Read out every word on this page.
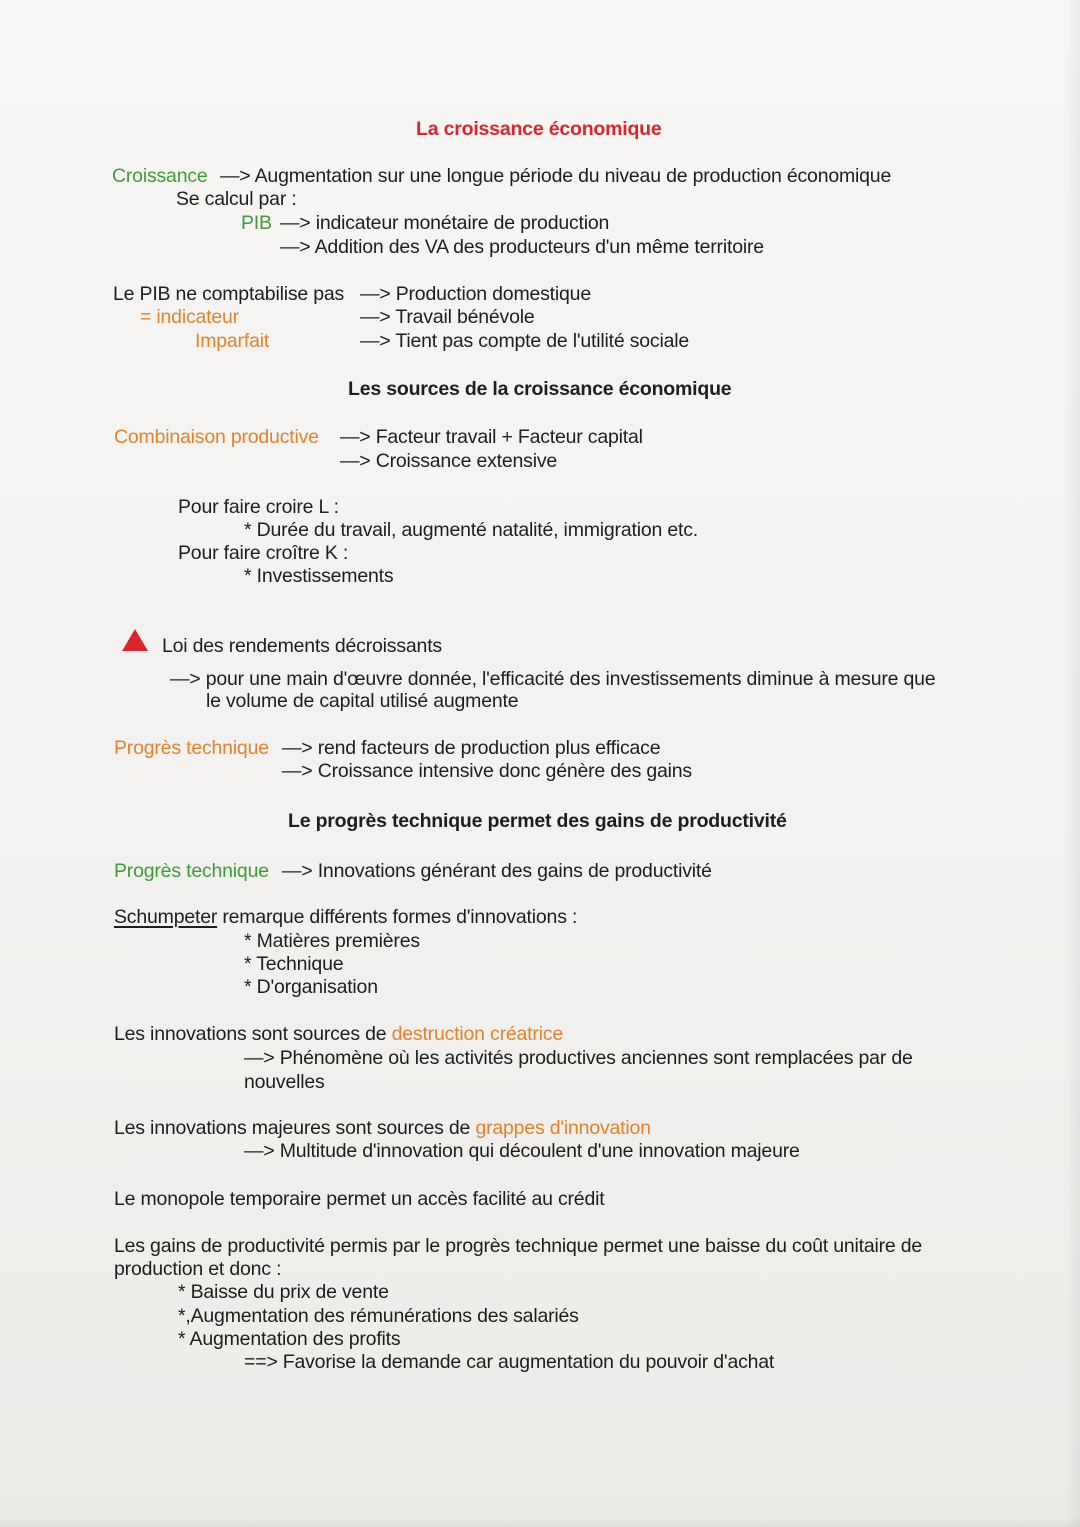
La croissance économique
Croissance —> Augmentation sur une longue période du niveau de production économique
Se calcul par :
PIB —> indicateur monétaire de production
—> Addition des VA des producteurs d'un même territoire
Le PIB ne comptabilise pas
= indicateur
Imparfait
—> Production domestique
—> Travail bénévole
—> Tient pas compte de l'utilité sociale
Les sources de la croissance économique
Combinaison productive —> Facteur travail + Facteur capital
—> Croissance extensive
Pour faire croire L :
* Durée du travail, augmenté natalité, immigration etc.
Pour faire croître K :
* Investissements
Loi des rendements décroissants
—> pour une main d'œuvre donnée, l'efficacité des investissements diminue à mesure que
le volume de capital utilisé augmente
Progrès technique —> rend facteurs de production plus efficace
—> Croissance intensive donc génère des gains
Le progrès technique permet des gains de productivité
Progrès technique —> Innovations générant des gains de productivité
Schumpeter remarque différents formes d'innovations :
* Matières premières
* Technique
* D'organisation
Les innovations sont sources de destruction créatrice
—> Phénomène où les activités productives anciennes sont remplacées par de
nouvelles
Les innovations majeures sont sources de grappes d'innovation
—> Multitude d'innovation qui découlent d'une innovation majeure
Le monopole temporaire permet un accès facilité au crédit
Les gains de productivité permis par le progrès technique permet une baisse du coût unitaire de
production et donc :
* Baisse du prix de vente
*,Augmentation des rémunérations des salariés
* Augmentation des profits
==> Favorise la demande car augmentation du pouvoir d'achat
